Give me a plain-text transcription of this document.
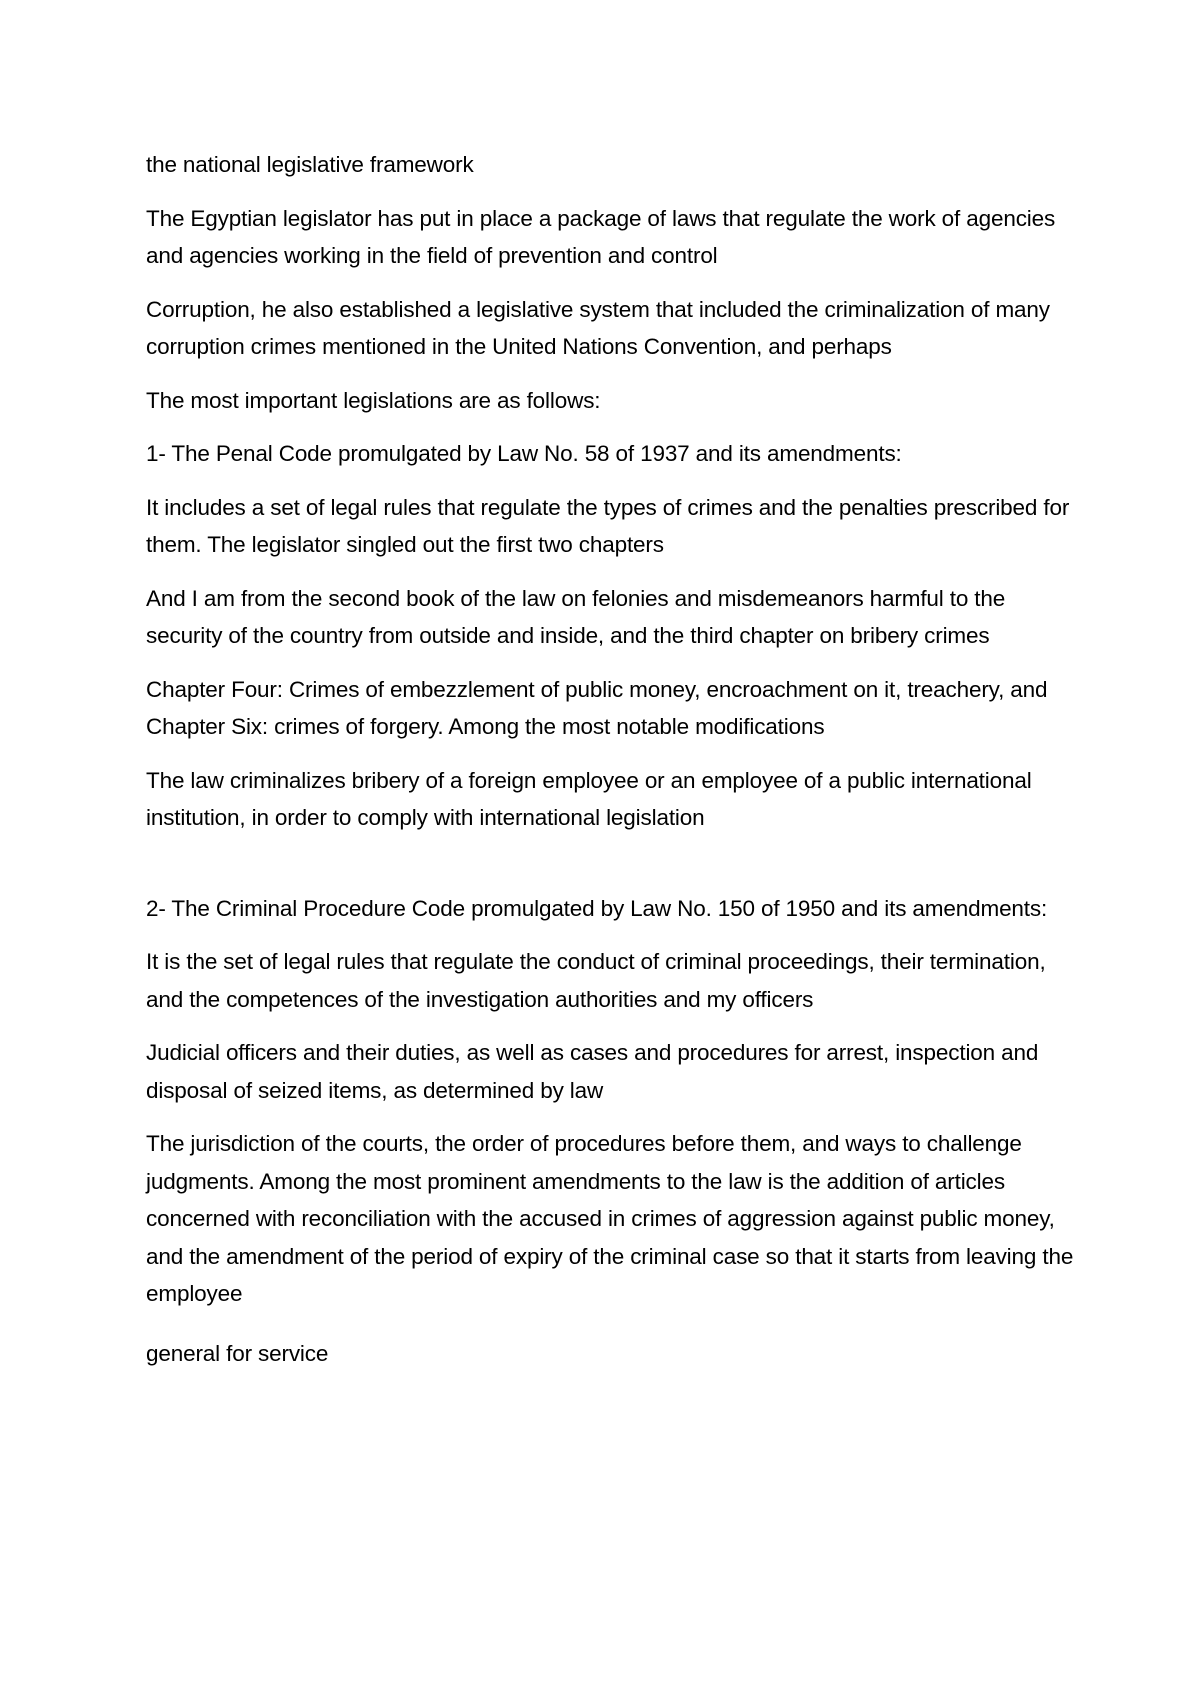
the national legislative framework

The Egyptian legislator has put in place a package of laws that regulate the work of agencies and agencies working in the field of prevention and control

Corruption, he also established a legislative system that included the criminalization of many corruption crimes mentioned in the United Nations Convention, and perhaps

The most important legislations are as follows:

1- The Penal Code promulgated by Law No. 58 of 1937 and its amendments:

It includes a set of legal rules that regulate the types of crimes and the penalties prescribed for them. The legislator singled out the first two chapters

And I am from the second book of the law on felonies and misdemeanors harmful to the security of the country from outside and inside, and the third chapter on bribery crimes

Chapter Four: Crimes of embezzlement of public money, encroachment on it, treachery, and Chapter Six: crimes of forgery. Among the most notable modifications

The law criminalizes bribery of a foreign employee or an employee of a public international institution, in order to comply with international legislation

2- The Criminal Procedure Code promulgated by Law No. 150 of 1950 and its amendments:

It is the set of legal rules that regulate the conduct of criminal proceedings, their termination, and the competences of the investigation authorities and my officers

Judicial officers and their duties, as well as cases and procedures for arrest, inspection and disposal of seized items, as determined by law

The jurisdiction of the courts, the order of procedures before them, and ways to challenge judgments. Among the most prominent amendments to the law is the addition of articles concerned with reconciliation with the accused in crimes of aggression against public money, and the amendment of the period of expiry of the criminal case so that it starts from leaving the employee

general for service
